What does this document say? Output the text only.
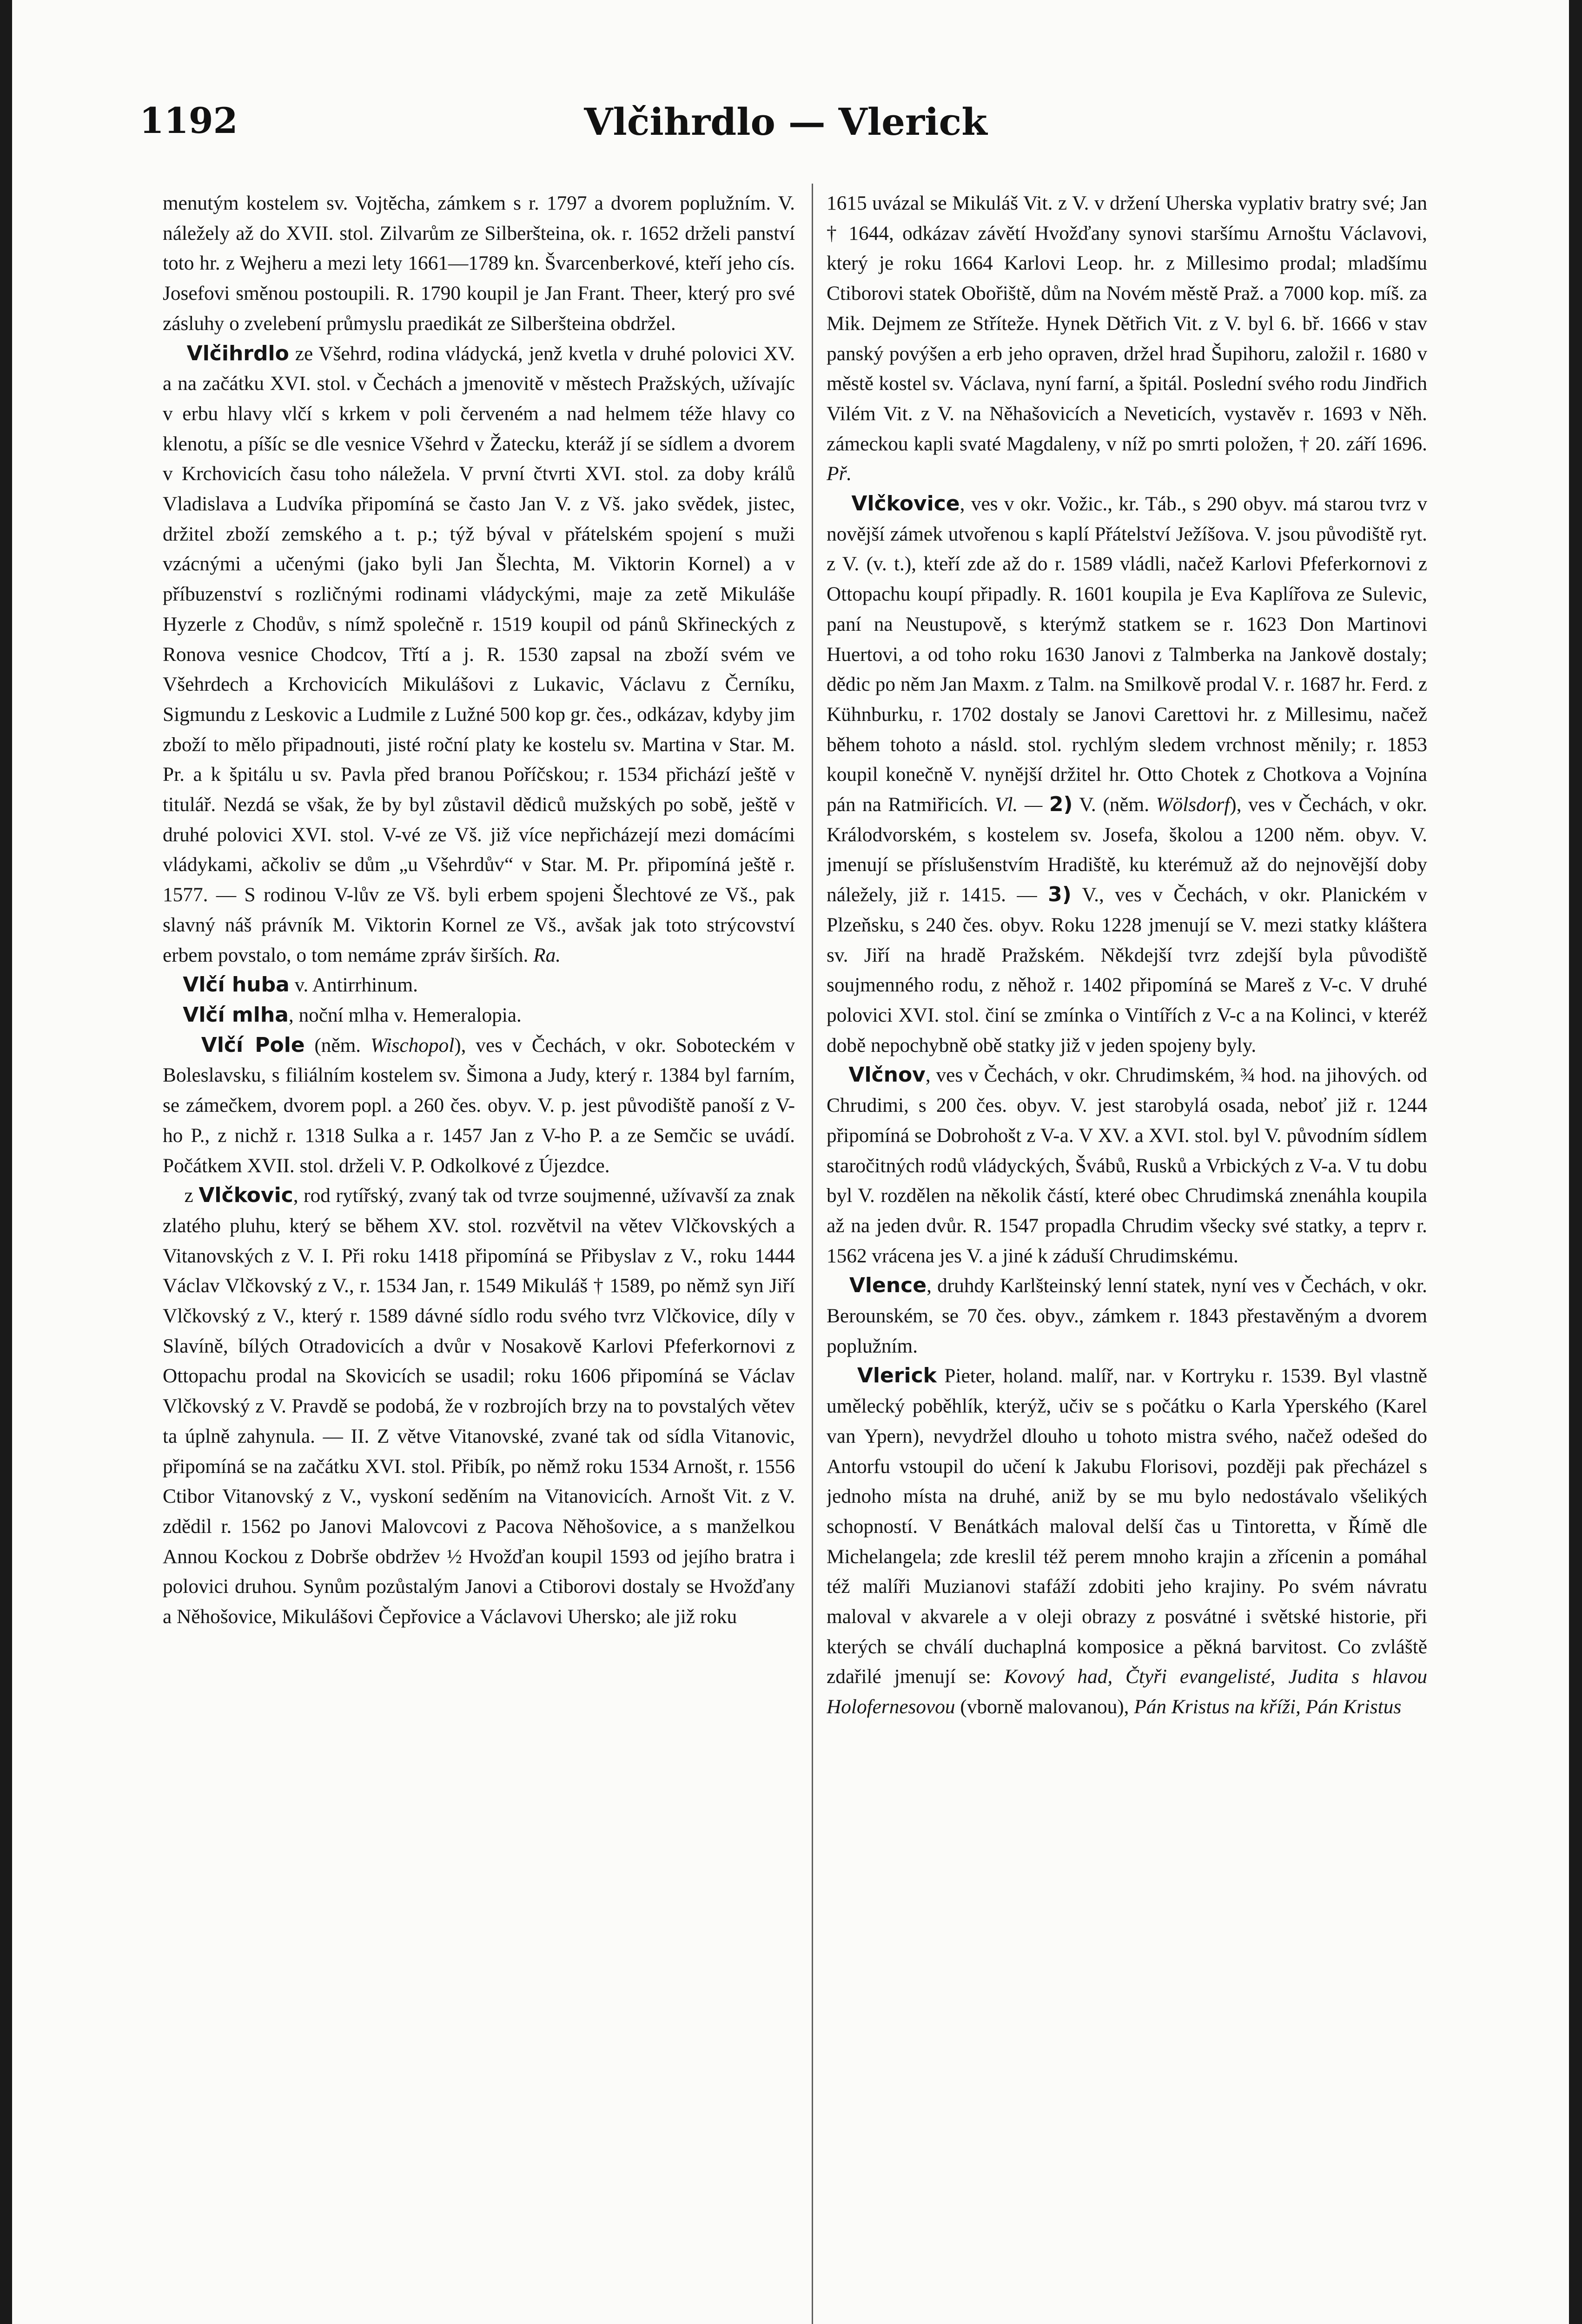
1192	Vlčihrdlo — Vlerick

menutým kostelem sv. Vojtěcha, zámkem s r. 1797 a dvorem poplužním. V. náležely až do XVII. stol. Zilvarům ze Silberšteina, ok. r. 1652 drželi panství toto hr. z Wejheru a mezi lety 1661—1789 kn. Švarcenberkové, kteří jeho cís. Josefovi směnou postoupili. R. 1790 koupil je Jan Frant. Theer, který pro své zásluhy o zvelebení průmyslu praedikát ze Silberšteina obdržel.

Vlčihrdlo ze Všehrd, rodina vládycká, jenž kvetla v druhé polovici XV. a na začátku XVI. stol. v Čechách a jmenovitě v městech Pražských, užívajíc v erbu hlavy vlčí s krkem v poli červeném a nad helmem téže hlavy co klenotu, a píšíc se dle vesnice Všehrd v Žatecku, kteráž jí se sídlem a dvorem v Krchovicích času toho náležela. V první čtvrti XVI. stol. za doby králů Vladislava a Ludvíka připomíná se často Jan V. z Vš. jako svědek, jistec, držitel zboží zemského a t. p.; týž býval v přátelském spojení s muži vzácnými a učenými (jako byli Jan Šlechta, M. Viktorin Kornel) a v příbuzenství s rozličnými rodinami vládyckými, maje za zetě Mikuláše Hyzerle z Chodův, s nímž společně r. 1519 koupil od pánů Skřineckých z Ronova vesnice Chodcov, Třtí a j. R. 1530 zapsal na zboží svém ve Všehrdech a Krchovicích Mikulášovi z Lukavic, Václavu z Černíku, Sigmundu z Leskovic a Ludmile z Lužné 500 kop gr. čes., odkázav, kdyby jim zboží to mělo připadnouti, jisté roční platy ke kostelu sv. Martina v Star. M. Pr. a k špitálu u sv. Pavla před branou Poříčskou; r. 1534 přichází ještě v titulář. Nezdá se však, že by byl zůstavil dědiců mužských po sobě, ještě v druhé polovici XVI. stol. V-vé ze Vš. již více nepřicházejí mezi domácími vládykami, ačkoliv se dům „u Všehrdův“ v Star. M. Pr. připomíná ještě r. 1577. — S rodinou V-lův ze Vš. byli erbem spojeni Šlechtové ze Vš., pak slavný náš právník M. Viktorin Kornel ze Vš., avšak jak toto strýcovství erbem povstalo, o tom nemáme zpráv širších. Ra.

Vlčí huba v. Antirrhinum.

Vlčí mlha, noční mlha v. Hemeralopia.

Vlčí Pole (něm. Wischopol), ves v Čechách, v okr. Soboteckém v Boleslavsku, s filiálním kostelem sv. Šimona a Judy, který r. 1384 byl farním, se zámečkem, dvorem popl. a 260 čes. obyv. V. p. jest původiště panoší z V-ho P., z nichž r. 1318 Sulka a r. 1457 Jan z V-ho P. a ze Semčic se uvádí. Počátkem XVII. stol. drželi V. P. Odkolkové z Újezdce.

z Vlčkovic, rod rytířský, zvaný tak od tvrze soujmenné, užívavší za znak zlatého pluhu, který se během XV. stol. rozvětvil na větev Vlčkovských a Vitanovských z V. I. Při roku 1418 připomíná se Přibyslav z V., roku 1444 Václav Vlčkovský z V., r. 1534 Jan, r. 1549 Mikuláš † 1589, po němž syn Jiří Vlčkovský z V., který r. 1589 dávné sídlo rodu svého tvrz Vlčkovice, díly v Slavíně, bílých Otradovicích a dvůr v Nosakově Karlovi Pfeferkornovi z Ottopachu prodal na Skovicích se usadil; roku 1606 připomíná se Václav Vlčkovský z V. Pravdě se podobá, že v rozbrojích brzy na to povstalých větev ta úplně zahynula. — II. Z větve Vitanovské, zvané tak od sídla Vitanovic, připomíná se na začátku XVI. stol. Přibík, po němž roku 1534 Arnošt, r. 1556 Ctibor Vitanovský z V., vyskoní seděním na Vitanovicích. Arnošt Vit. z V. zdědil r. 1562 po Janovi Malovcovi z Pacova Něhošovice, a s manželkou Annou Kockou z Dobrše obdržev ½ Hvožďan koupil 1593 od jejího bratra i polovici druhou. Synům pozůstalým Janovi a Ctiborovi dostaly se Hvožďany a Něhošovice, Mikulášovi Čepřovice a Václavovi Uhersko; ale již roku

1615 uvázal se Mikuláš Vit. z V. v držení Uherska vyplativ bratry své; Jan † 1644, odkázav závětí Hvožďany synovi staršímu Arnoštu Václavovi, který je roku 1664 Karlovi Leop. hr. z Millesimo prodal; mladšímu Ctiborovi statek Obořiště, dům na Novém městě Praž. a 7000 kop. míš. za Mik. Dejmem ze Stříteže. Hynek Dětřich Vit. z V. byl 6. bř. 1666 v stav panský povýšen a erb jeho opraven, držel hrad Šupihoru, založil r. 1680 v městě kostel sv. Václava, nyní farní, a špitál. Poslední svého rodu Jindřich Vilém Vit. z V. na Něhašovicích a Neveticích, vystavěv r. 1693 v Něh. zámeckou kapli svaté Magdaleny, v níž po smrti položen, † 20. září 1696. Př.

Vlčkovice, ves v okr. Vožic., kr. Táb., s 290 obyv. má starou tvrz v novější zámek utvořenou s kaplí Přátelství Ježíšova. V. jsou původiště ryt. z V. (v. t.), kteří zde až do r. 1589 vládli, načež Karlovi Pfeferkornovi z Ottopachu koupí připadly. R. 1601 koupila je Eva Kaplířova ze Sulevic, paní na Neustupově, s kterýmž statkem se r. 1623 Don Martinovi Huertovi, a od toho roku 1630 Janovi z Talmberka na Jankově dostaly; dědic po něm Jan Maxm. z Talm. na Smilkově prodal V. r. 1687 hr. Ferd. z Kühnburku, r. 1702 dostaly se Janovi Carettovi hr. z Millesimu, načež během tohoto a násld. stol. rychlým sledem vrchnost měnily; r. 1853 koupil konečně V. nynější držitel hr. Otto Chotek z Chotkova a Vojnína pán na Ratmiřicích. Vl. — 2) V. (něm. Wölsdorf), ves v Čechách, v okr. Králodvorském, s kostelem sv. Josefa, školou a 1200 něm. obyv. V. jmenují se příslušenstvím Hradiště, ku kterémuž až do nejnovější doby náležely, již r. 1415. — 3) V., ves v Čechách, v okr. Planickém v Plzeňsku, s 240 čes. obyv. Roku 1228 jmenují se V. mezi statky kláštera sv. Jiří na hradě Pražském. Někdejší tvrz zdejší byla původiště soujmenného rodu, z něhož r. 1402 připomíná se Mareš z V-c. V druhé polovici XVI. stol. činí se zmínka o Vintířích z V-c a na Kolinci, v kteréž době nepochybně obě statky již v jeden spojeny byly.

Vlčnov, ves v Čechách, v okr. Chrudimském, ¾ hod. na jihových. od Chrudimi, s 200 čes. obyv. V. jest starobylá osada, neboť již r. 1244 připomíná se Dobrohošt z V-a. V XV. a XVI. stol. byl V. původním sídlem staročitných rodů vládyckých, Švábů, Rusků a Vrbických z V-a. V tu dobu byl V. rozdělen na několik částí, které obec Chrudimská znenáhla koupila až na jeden dvůr. R. 1547 propadla Chrudim všecky své statky, a teprv r. 1562 vrácena jes V. a jiné k záduší Chrudimskému.

Vlence, druhdy Karlšteinský lenní statek, nyní ves v Čechách, v okr. Berounském, se 70 čes. obyv., zámkem r. 1843 přestavěným a dvorem poplužním.

Vlerick Pieter, holand. malíř, nar. v Kortryku r. 1539. Byl vlastně umělecký poběhlík, kterýž, učiv se s počátku o Karla Yperského (Karel van Ypern), nevydržel dlouho u tohoto mistra svého, načež odešed do Antorfu vstoupil do učení k Jakubu Florisovi, později pak přecházel s jednoho místa na druhé, aniž by se mu bylo nedostávalo všelikých schopností. V Benátkách maloval delší čas u Tintoretta, v Římě dle Michelangela; zde kreslil též perem mnoho krajin a zřícenin a pomáhal též malíři Muzianovi stafáží zdobiti jeho krajiny. Po svém návratu maloval v akvarele a v oleji obrazy z posvátné i světské historie, při kterých se chválí duchaplná komposice a pěkná barvitost. Co zvláště zdařilé jmenují se: Kovový had, Čtyři evangelisté, Judita s hlavou Holofernesovou (vborně malovanou), Pán Kristus na kříži, Pán Kristus
